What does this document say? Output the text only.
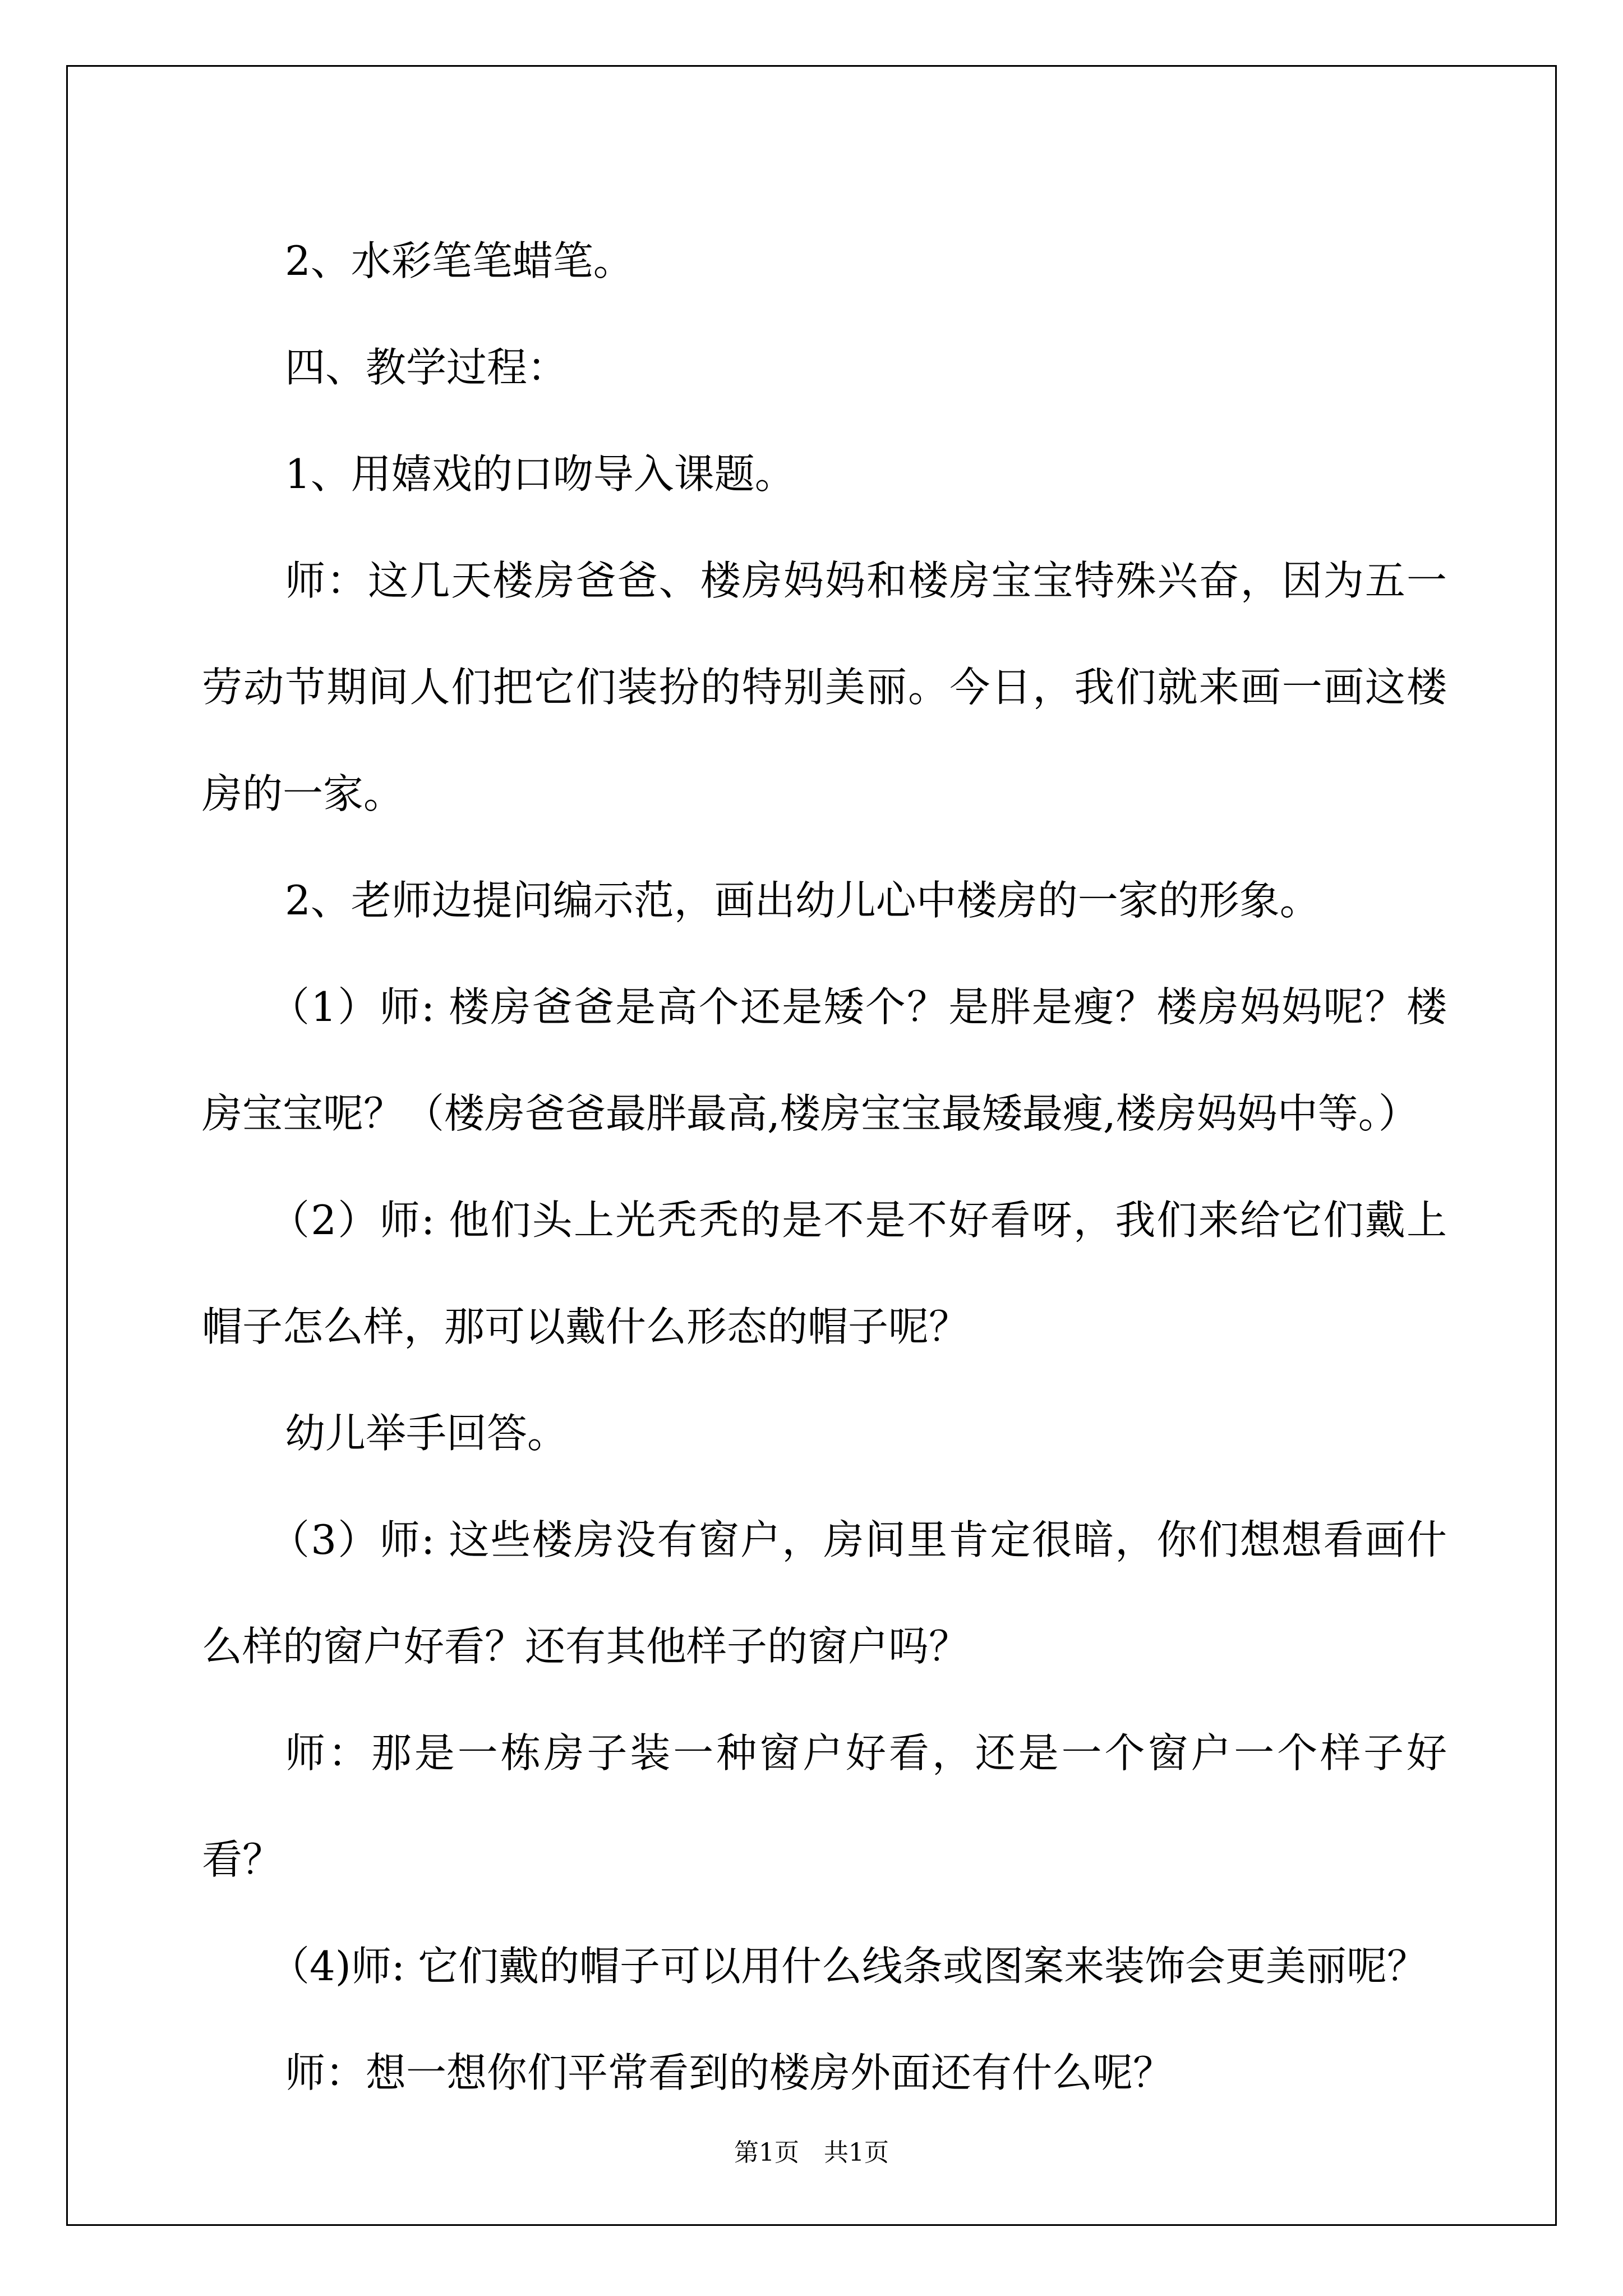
2、水彩笔笔蜡笔。

四、教学过程：

1、用嬉戏的口吻导入课题。

师：这几天楼房爸爸、楼房妈妈和楼房宝宝特殊兴奋，因为五一劳动节期间人们把它们装扮的特别美丽。今日，我们就来画一画这楼房的一家。

2、老师边提问编示范，画出幼儿心中楼房的一家的形象。

（1）师: 楼房爸爸是高个还是矮个？是胖是瘦？楼房妈妈呢？楼房宝宝呢？（楼房爸爸最胖最高,楼房宝宝最矮最瘦,楼房妈妈中等。）

（2）师: 他们头上光秃秃的是不是不好看呀，我们来给它们戴上帽子怎么样，那可以戴什么形态的帽子呢？

幼儿举手回答。

（3）师: 这些楼房没有窗户，房间里肯定很暗，你们想想看画什么样的窗户好看？还有其他样子的窗户吗？

师：那是一栋房子装一种窗户好看，还是一个窗户一个样子好看？

（4)师: 它们戴的帽子可以用什么线条或图案来装饰会更美丽呢？

师：想一想你们平常看到的楼房外面还有什么呢？

第1页　共1页
